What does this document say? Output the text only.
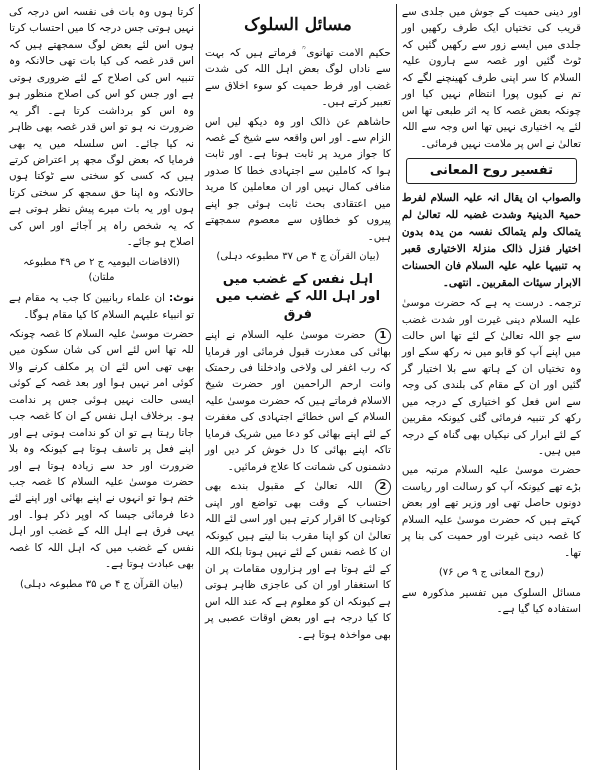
اور دینی حمیت کے جوش میں جلدی سے قریب کی تختیاں ایک طرف رکھیں اور جلدی میں ایسے زور سے رکھیں گئیں کہ ٹوٹ گئیں اور غصہ سے ہارون علیہ السلام کا سر اپنی طرف کھینچنے لگے کہ تم نے کیوں پورا انتظام نہیں کیا اور چونکہ بعض غصہ کا یہ اثر طبعی تھا اس لئے یہ اختیاری نہیں تھا اس وجہ سے اللہ تعالیٰ نے اس پر ملامت نہیں فرمائی۔

تفسیر روح المعانی

والصواب ان یقال انہ علیہ السلام لفرط حمیۃ الدینیۃ وشدت غضبہ للہ تعالیٰ لم یتمالک ولم یتمالک نفسہ من یدہ بدون اختیار فنزل ذالک منزلۃ الاختیاری قعبر بہ تنبیہا علیہ علیہ السلام فان الحسنات الابرار سیئات المقربین۔ انتھی۔

ترجمہ۔ درست یہ ہے کہ حضرت موسیٰ علیہ السلام دینی غیرت اور شدت غضب سے جو اللہ تعالیٰ کے لئے تھا اس حالت میں اپنے آپ کو قابو میں نہ رکھ سکے اور وہ تختیاں ان کے ہاتھ سے بلا اختیار گر گئیں اور ان کے مقام کی بلندی کی وجہ سے اس فعل کو اختیاری کے درجہ میں رکھ کر تنبیہ فرمائی گئی کیونکہ مقربین کے لئے ابرار کی نیکیاں بھی گناہ کے درجہ میں ہیں۔

حضرت موسیٰ علیہ السلام مرتبہ میں بڑے تھے کیونکہ آپ کو رسالت اور ریاست دونوں حاصل تھی اور وزیر تھے اور بعض کہتے ہیں کہ حضرت موسیٰ علیہ السلام کا غصہ دینی غیرت اور حمیت کی بنا پر تھا۔

(روح المعانی ج ۹ ص ۷۶)

مسائل السلوک میں تفسیر مذکورہ سے استفادہ کیا گیا ہے۔

مسائل السلوک

حکیم الامت تھانوی ؒ فرماتے ہیں کہ بہت سے ناداں لوگ بعض اہل اللہ کی شدت غضب اور فرط حمیت کو سوء اخلاق سے تعبیر کرتے ہیں۔

حاشاھم عن ذالک اور وہ دیکھ لیں اس الزام سے۔ اور اس واقعہ سے شیخ کے غصہ کا جواز مرید پر ثابت ہوتا ہے۔ اور ثابت ہوا کہ کاملین سے اجتہادی خطا کا صدور منافی کمال نہیں اور ان معاملین کا مرید میں اعتقادی بحث ثابت ہوئی جو اپنے پیروں کو خطاؤں سے معصوم سمجھتے ہیں۔

(بیان القرآن ج ۴ ص ۳۷ مطبوعہ دہلی)
اہل نفس کے غضب میں
اور اہل اللہ کے غضب میں فرق

1 حضرت موسیٰ علیہ السلام نے اپنے بھائی کی معذرت قبول فرمائی اور فرمایا کہ رب اغفر لی ولاخی وادخلنا فی رحمتک وانت ارحم الراحمین اور حضرت شیخ الاسلام فرماتے ہیں کہ حضرت موسیٰ علیہ السلام کے اس خطائے اجتہادی کی مغفرت کے لئے اپنے بھائی کو دعا میں شریک فرمایا تاکہ اپنے بھائی کا دل خوش کر دیں اور دشمنوں کی شماتت کا علاج فرمائیں۔

2 اللہ تعالیٰ کے مقبول بندے بھی احتساب کے وقت بھی تواضع اور اپنی کوتاہی کا اقرار کرتے ہیں اور اسی لئے اللہ تعالیٰ ان کو اپنا مقرب بنا لیتے ہیں کیونکہ ان کا غصہ نفس کے لئے نہیں ہوتا بلکہ اللہ کے لئے ہوتا ہے اور ہزاروں مقامات پر ان کا استغفار اور ان کی عاجزی ظاہر ہوتی ہے کیونکہ ان کو معلوم ہے کہ عند اللہ اس کا کیا درجہ ہے اور بعض اوقات عصبی پر بھی مواخذہ ہوتا ہے۔

کرتا ہوں وہ بات فی نفسہ اس درجہ کی نہیں ہوتی جس درجہ کا میں احتساب کرتا ہوں اس لئے بعض لوگ سمجھتے ہیں کہ اس قدر غصہ کی کیا بات تھی حالانکہ وہ تنبیہ اس کی اصلاح کے لئے ضروری ہوتی ہے اور جس کو اس کی اصلاح منظور ہو وہ اس کو برداشت کرتا ہے۔ اگر یہ ضرورت نہ ہو تو اس قدر غصہ بھی ظاہر نہ کیا جائے۔ اس سلسلہ میں یہ بھی فرمایا کہ بعض لوگ مجھ پر اعتراض کرتے ہیں کہ کسی کو سختی سے ٹوکتا ہوں حالانکہ وہ اپنا حق سمجھ کر سختی کرتا ہوں اور یہ بات میرے پیش نظر ہوتی ہے کہ یہ شخص راہ پر آجائے اور اس کی اصلاح ہو جائے۔

(الافاضات الیومیہ ج ۲ ص ۴۹ مطبوعہ ملتان)

نوٹ: ان علماء ربانیین کا جب یہ مقام ہے تو انبیاء علیہم السلام کا کیا مقام ہوگا۔

حضرت موسیٰ علیہ السلام کا غصہ چونکہ للہ تھا اس لئے اس کی شان سکون میں بھی تھی اس لئے ان پر مکلف کرنے والا کوئی امر نہیں ہوا اور بعد غصہ کے کوئی ایسی حالت نہیں ہوئی جس پر ندامت ہو۔ برخلاف اہل نفس کے ان کا غصہ جب جاتا رہتا ہے تو ان کو ندامت ہوتی ہے اور اپنے فعل پر تاسف ہوتا ہے کیونکہ وہ بلا ضرورت اور حد سے زیادہ ہوتا ہے اور حضرت موسیٰ علیہ السلام کا غصہ جب ختم ہوا تو انہوں نے اپنے بھائی اور اپنے لئے دعا فرمائی جیسا کہ اوپر ذکر ہوا۔ اور یہی فرق ہے اہل اللہ کے غضب اور اہل نفس کے غضب میں کہ اہل اللہ کا غصہ بھی عبادت ہوتا ہے۔

(بیان القرآن ج ۴ ص ۳۵ مطبوعہ دہلی)
